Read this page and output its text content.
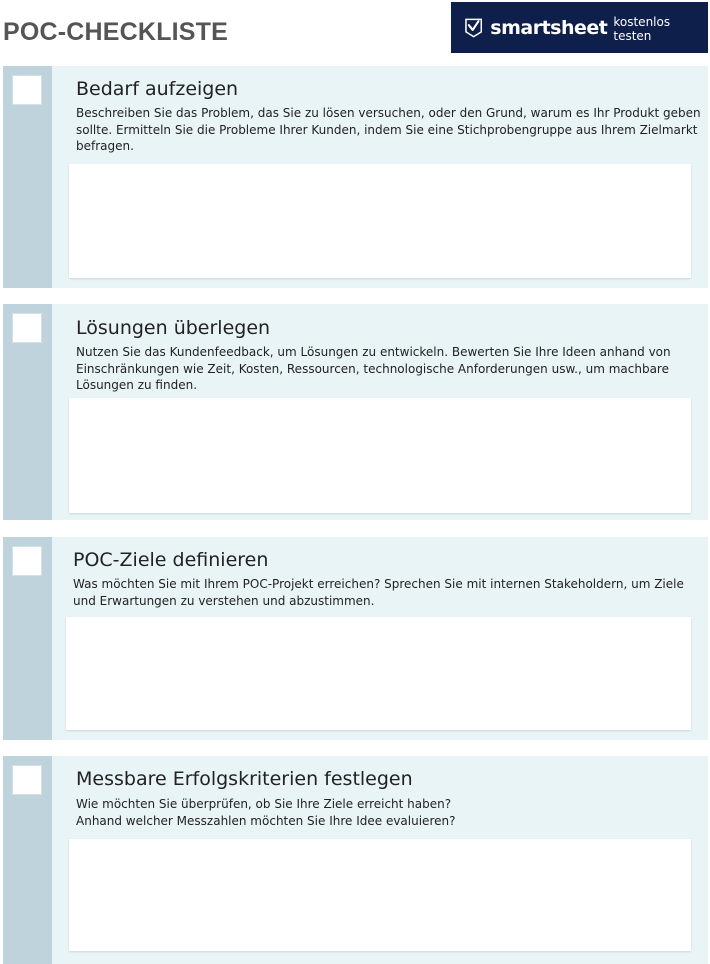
POC-CHECKLISTE	smartsheet kostenlos testen
Bedarf aufzeigen
Beschreiben Sie das Problem, das Sie zu lösen versuchen, oder den Grund, warum es Ihr Produkt geben sollte. Ermitteln Sie die Probleme Ihrer Kunden, indem Sie eine Stichprobengruppe aus Ihrem Zielmarkt befragen.
Lösungen überlegen
Nutzen Sie das Kundenfeedback, um Lösungen zu entwickeln. Bewerten Sie Ihre Ideen anhand von Einschränkungen wie Zeit, Kosten, Ressourcen, technologische Anforderungen usw., um machbare Lösungen zu finden.
POC-Ziele definieren
Was möchten Sie mit Ihrem POC-Projekt erreichen? Sprechen Sie mit internen Stakeholdern, um Ziele und Erwartungen zu verstehen und abzustimmen.
Messbare Erfolgskriterien festlegen
Wie möchten Sie überprüfen, ob Sie Ihre Ziele erreicht haben?
Anhand welcher Messzahlen möchten Sie Ihre Idee evaluieren?
